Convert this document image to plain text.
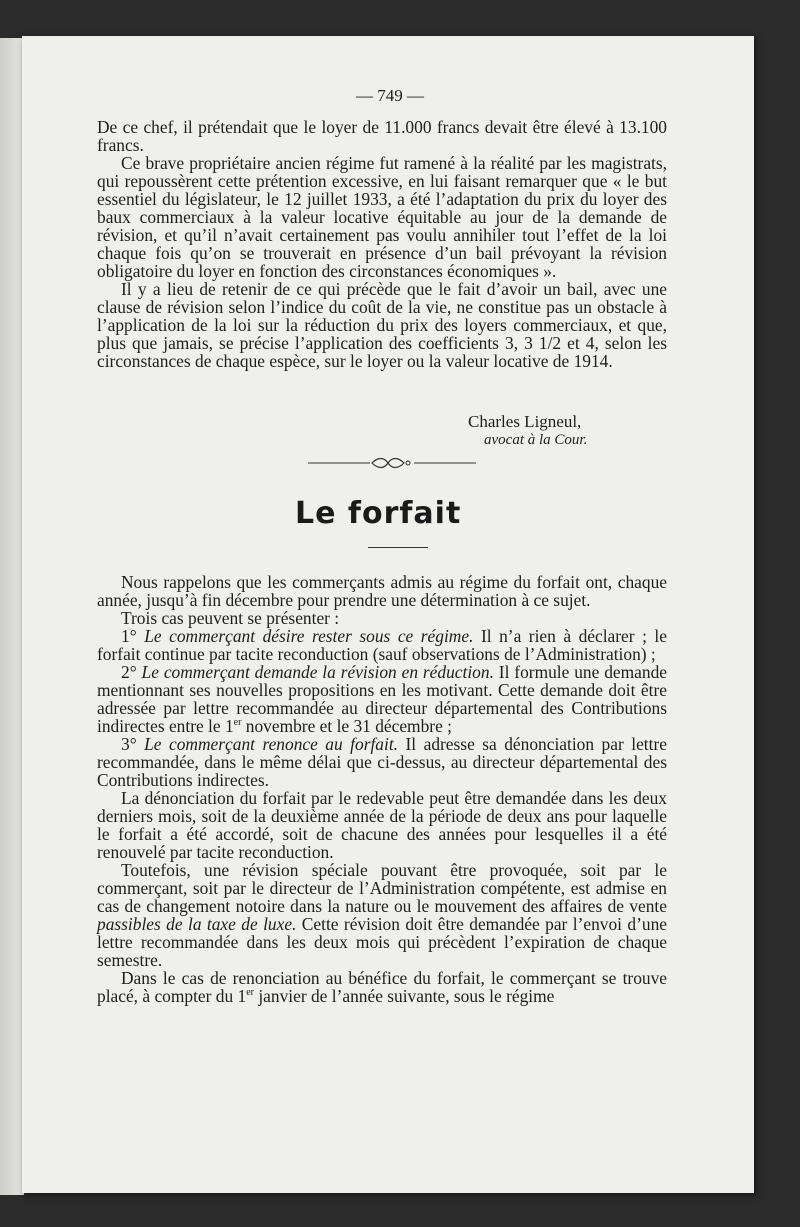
— 749 —

De ce chef, il prétendait que le loyer de 11.000 francs devait être élevé à 13.100 francs.

Ce brave propriétaire ancien régime fut ramené à la réalité par les magistrats, qui repoussèrent cette prétention excessive, en lui faisant remarquer que « le but essentiel du législateur, le 12 juillet 1933, a été l’adaptation du prix du loyer des baux commerciaux à la valeur locative équitable au jour de la demande de révision, et qu’il n’avait certainement pas voulu annihiler tout l’effet de la loi chaque fois qu’on se trouverait en présence d’un bail prévoyant la révision obligatoire du loyer en fonction des circonstances économiques ».

Il y a lieu de retenir de ce qui précède que le fait d’avoir un bail, avec une clause de révision selon l’indice du coût de la vie, ne constitue pas un obstacle à l’application de la loi sur la réduction du prix des loyers commerciaux, et que, plus que jamais, se précise l’application des coefficients 3, 3 1/2 et 4, selon les circonstances de chaque espèce, sur le loyer ou la valeur locative de 1914.

Charles Ligneul,
avocat à la Cour.
Le forfait

Nous rappelons que les commerçants admis au régime du forfait ont, chaque année, jusqu’à fin décembre pour prendre une détermination à ce sujet.

Trois cas peuvent se présenter :

1° Le commerçant désire rester sous ce régime. Il n’a rien à déclarer ; le forfait continue par tacite reconduction (sauf observations de l’Administration) ;

2° Le commerçant demande la révision en réduction. Il formule une demande mentionnant ses nouvelles propositions en les motivant. Cette demande doit être adressée par lettre recommandée au directeur départemental des Contributions indirectes entre le 1er novembre et le 31 décembre ;

3° Le commerçant renonce au forfait. Il adresse sa dénonciation par lettre recommandée, dans le même délai que ci-dessus, au directeur départemental des Contributions indirectes.

La dénonciation du forfait par le redevable peut être demandée dans les deux derniers mois, soit de la deuxième année de la période de deux ans pour laquelle le forfait a été accordé, soit de chacune des années pour lesquelles il a été renouvelé par tacite reconduction.

Toutefois, une révision spéciale pouvant être provoquée, soit par le commerçant, soit par le directeur de l’Administration compétente, est admise en cas de changement notoire dans la nature ou le mouvement des affaires de vente passibles de la taxe de luxe. Cette révision doit être demandée par l’envoi d’une lettre recommandée dans les deux mois qui précèdent l’expiration de chaque semestre.

Dans le cas de renonciation au bénéfice du forfait, le commerçant se trouve placé, à compter du 1er janvier de l’année suivante, sous le régime
